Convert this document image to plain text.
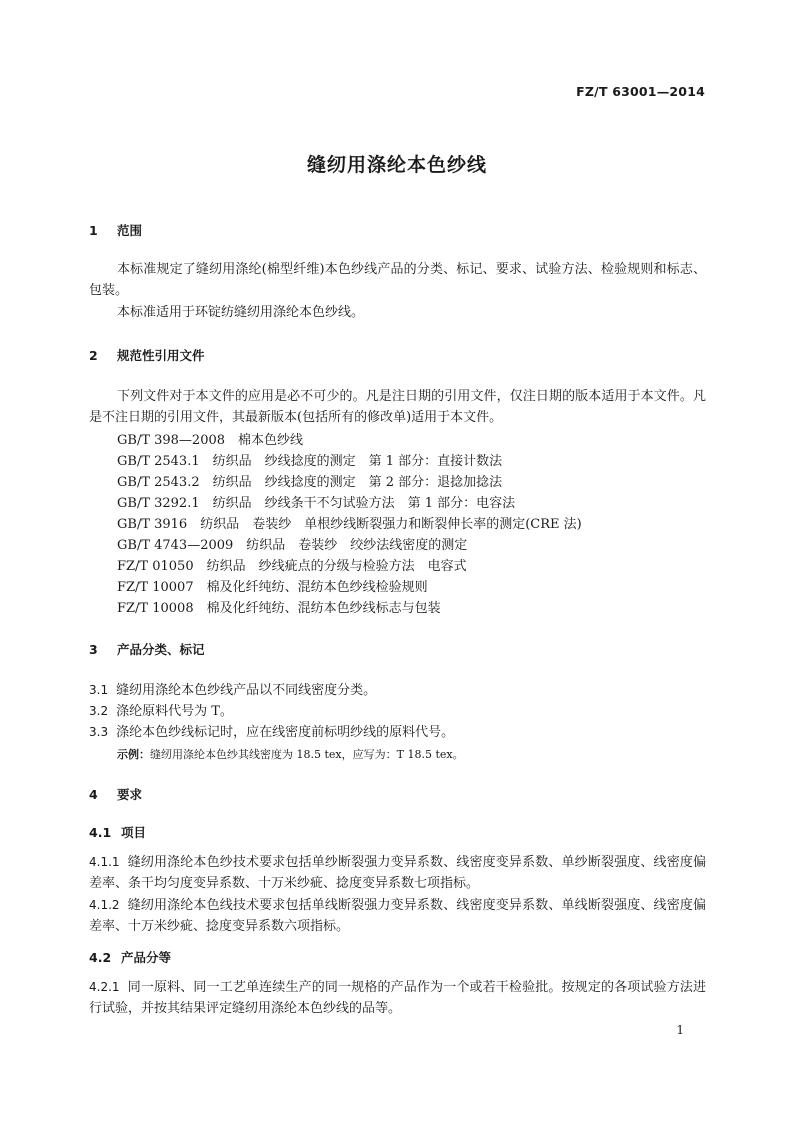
FZ/T 63001—2014
缝纫用涤纶本色纱线
1 范围
本标准规定了缝纫用涤纶(棉型纤维)本色纱线产品的分类、标记、要求、试验方法、检验规则和标志、包装。
本标准适用于环锭纺缝纫用涤纶本色纱线。
2 规范性引用文件
下列文件对于本文件的应用是必不可少的。凡是注日期的引用文件，仅注日期的版本适用于本文件。凡是不注日期的引用文件，其最新版本(包括所有的修改单)适用于本文件。
GB/T 398—2008　棉本色纱线
GB/T 2543.1　纺织品　纱线捻度的测定　第 1 部分：直接计数法
GB/T 2543.2　纺织品　纱线捻度的测定　第 2 部分：退捻加捻法
GB/T 3292.1　纺织品　纱线条干不匀试验方法　第 1 部分：电容法
GB/T 3916　纺织品　卷装纱　单根纱线断裂强力和断裂伸长率的测定(CRE 法)
GB/T 4743—2009　纺织品　卷装纱　绞纱法线密度的测定
FZ/T 01050　纺织品　纱线疵点的分级与检验方法　电容式
FZ/T 10007　棉及化纤纯纺、混纺本色纱线检验规则
FZ/T 10008　棉及化纤纯纺、混纺本色纱线标志与包装
3 产品分类、标记
3.1 缝纫用涤纶本色纱线产品以不同线密度分类。
3.2 涤纶原料代号为 T。
3.3 涤纶本色纱线标记时，应在线密度前标明纱线的原料代号。
示例：缝纫用涤纶本色纱其线密度为 18.5 tex，应写为：T 18.5 tex。
4 要求
4.1 项目
4.1.1 缝纫用涤纶本色纱技术要求包括单纱断裂强力变异系数、线密度变异系数、单纱断裂强度、线密度偏差率、条干均匀度变异系数、十万米纱疵、捻度变异系数七项指标。
4.1.2 缝纫用涤纶本色线技术要求包括单线断裂强力变异系数、线密度变异系数、单线断裂强度、线密度偏差率、十万米纱疵、捻度变异系数六项指标。
4.2 产品分等
4.2.1 同一原料、同一工艺单连续生产的同一规格的产品作为一个或若干检验批。按规定的各项试验方法进行试验，并按其结果评定缝纫用涤纶本色纱线的品等。
1
